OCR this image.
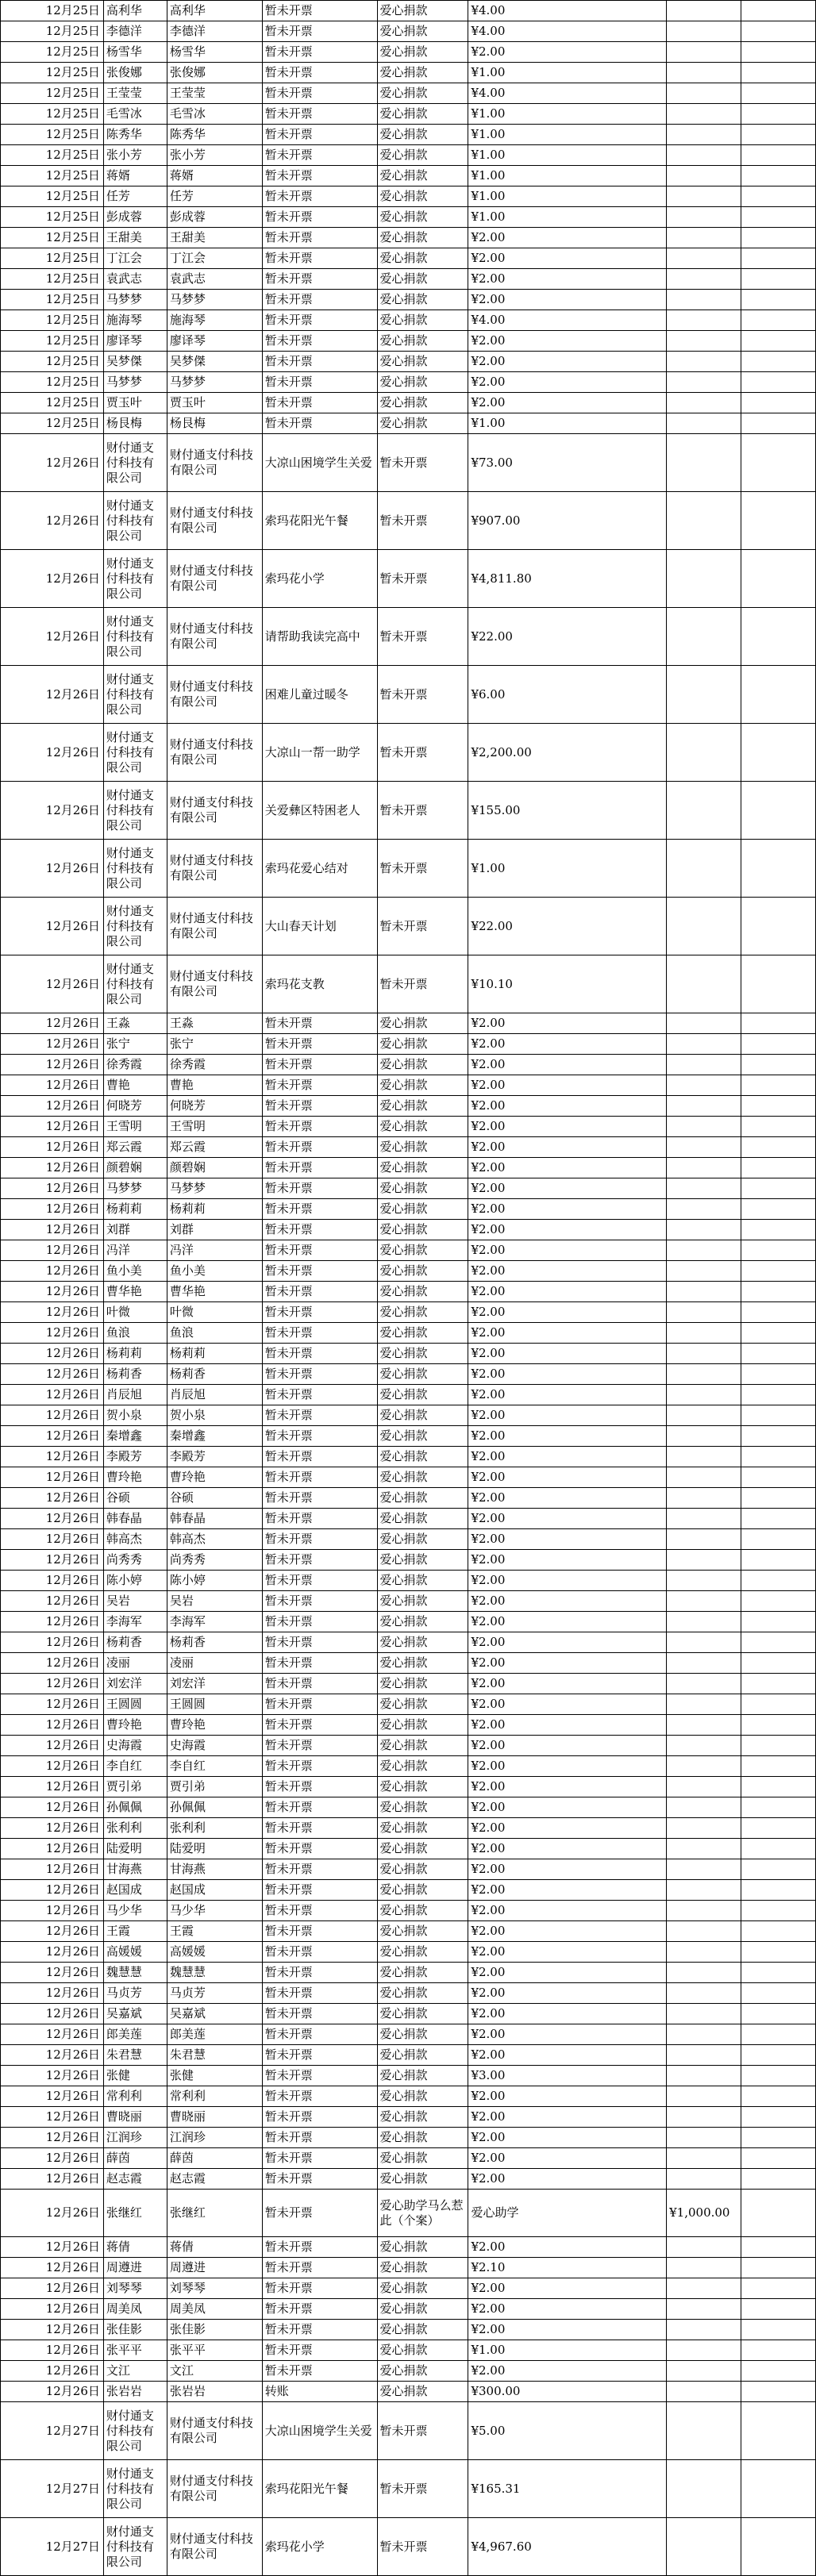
12月25日	高利华	高利华	暂未开票	爱心捐款	¥4.00		
12月25日	李德洋	李德洋	暂未开票	爱心捐款	¥4.00		
12月25日	杨雪华	杨雪华	暂未开票	爱心捐款	¥2.00		
12月25日	张俊娜	张俊娜	暂未开票	爱心捐款	¥1.00		
12月25日	王莹莹	王莹莹	暂未开票	爱心捐款	¥4.00		
12月25日	毛雪冰	毛雪冰	暂未开票	爱心捐款	¥1.00		
12月25日	陈秀华	陈秀华	暂未开票	爱心捐款	¥1.00		
12月25日	张小芳	张小芳	暂未开票	爱心捐款	¥1.00		
12月25日	蒋婿	蒋婿	暂未开票	爱心捐款	¥1.00		
12月25日	任芳	任芳	暂未开票	爱心捐款	¥1.00		
12月25日	彭成蓉	彭成蓉	暂未开票	爱心捐款	¥1.00		
12月25日	王甜美	王甜美	暂未开票	爱心捐款	¥2.00		
12月25日	丁江会	丁江会	暂未开票	爱心捐款	¥2.00		
12月25日	袁武志	袁武志	暂未开票	爱心捐款	¥2.00		
12月25日	马梦梦	马梦梦	暂未开票	爱心捐款	¥2.00		
12月25日	施海琴	施海琴	暂未开票	爱心捐款	¥4.00		
12月25日	廖译琴	廖译琴	暂未开票	爱心捐款	¥2.00		
12月25日	吴梦傑	吴梦傑	暂未开票	爱心捐款	¥2.00		
12月25日	马梦梦	马梦梦	暂未开票	爱心捐款	¥2.00		
12月25日	贾玉叶	贾玉叶	暂未开票	爱心捐款	¥2.00		
12月25日	杨艮梅	杨艮梅	暂未开票	爱心捐款	¥1.00		
12月26日	财付通支付科技有限公司	财付通支付科技有限公司	大凉山困境学生关爱	暂未开票	¥73.00		
12月26日	财付通支付科技有限公司	财付通支付科技有限公司	索玛花阳光午餐	暂未开票	¥907.00		
12月26日	财付通支付科技有限公司	财付通支付科技有限公司	索玛花小学	暂未开票	¥4,811.80		
12月26日	财付通支付科技有限公司	财付通支付科技有限公司	请帮助我读完高中	暂未开票	¥22.00		
12月26日	财付通支付科技有限公司	财付通支付科技有限公司	困难儿童过暖冬	暂未开票	¥6.00		
12月26日	财付通支付科技有限公司	财付通支付科技有限公司	大凉山一帮一助学	暂未开票	¥2,200.00		
12月26日	财付通支付科技有限公司	财付通支付科技有限公司	关爱彝区特困老人	暂未开票	¥155.00		
12月26日	财付通支付科技有限公司	财付通支付科技有限公司	索玛花爱心结对	暂未开票	¥1.00		
12月26日	财付通支付科技有限公司	财付通支付科技有限公司	大山春天计划	暂未开票	¥22.00		
12月26日	财付通支付科技有限公司	财付通支付科技有限公司	索玛花支教	暂未开票	¥10.10		
12月26日	王淼	王淼	暂未开票	爱心捐款	¥2.00		
12月26日	张宁	张宁	暂未开票	爱心捐款	¥2.00		
12月26日	徐秀霞	徐秀霞	暂未开票	爱心捐款	¥2.00		
12月26日	曹艳	曹艳	暂未开票	爱心捐款	¥2.00		
12月26日	何晓芳	何晓芳	暂未开票	爱心捐款	¥2.00		
12月26日	王雪明	王雪明	暂未开票	爱心捐款	¥2.00		
12月26日	郑云霞	郑云霞	暂未开票	爱心捐款	¥2.00		
12月26日	颜碧娴	颜碧娴	暂未开票	爱心捐款	¥2.00		
12月26日	马梦梦	马梦梦	暂未开票	爱心捐款	¥2.00		
12月26日	杨莉莉	杨莉莉	暂未开票	爱心捐款	¥2.00		
12月26日	刘群	刘群	暂未开票	爱心捐款	¥2.00		
12月26日	冯洋	冯洋	暂未开票	爱心捐款	¥2.00		
12月26日	鱼小美	鱼小美	暂未开票	爱心捐款	¥2.00		
12月26日	曹华艳	曹华艳	暂未开票	爱心捐款	¥2.00		
12月26日	叶微	叶微	暂未开票	爱心捐款	¥2.00		
12月26日	鱼浪	鱼浪	暂未开票	爱心捐款	¥2.00		
12月26日	杨莉莉	杨莉莉	暂未开票	爱心捐款	¥2.00		
12月26日	杨莉香	杨莉香	暂未开票	爱心捐款	¥2.00		
12月26日	肖辰旭	肖辰旭	暂未开票	爱心捐款	¥2.00		
12月26日	贺小泉	贺小泉	暂未开票	爱心捐款	¥2.00		
12月26日	秦增鑫	秦增鑫	暂未开票	爱心捐款	¥2.00		
12月26日	李殿芳	李殿芳	暂未开票	爱心捐款	¥2.00		
12月26日	曹玲艳	曹玲艳	暂未开票	爱心捐款	¥2.00		
12月26日	谷硕	谷硕	暂未开票	爱心捐款	¥2.00		
12月26日	韩春晶	韩春晶	暂未开票	爱心捐款	¥2.00		
12月26日	韩高杰	韩高杰	暂未开票	爱心捐款	¥2.00		
12月26日	尚秀秀	尚秀秀	暂未开票	爱心捐款	¥2.00		
12月26日	陈小婷	陈小婷	暂未开票	爱心捐款	¥2.00		
12月26日	吴岩	吴岩	暂未开票	爱心捐款	¥2.00		
12月26日	李海军	李海军	暂未开票	爱心捐款	¥2.00		
12月26日	杨莉香	杨莉香	暂未开票	爱心捐款	¥2.00		
12月26日	凌丽	凌丽	暂未开票	爱心捐款	¥2.00		
12月26日	刘宏洋	刘宏洋	暂未开票	爱心捐款	¥2.00		
12月26日	王圆圆	王圆圆	暂未开票	爱心捐款	¥2.00		
12月26日	曹玲艳	曹玲艳	暂未开票	爱心捐款	¥2.00		
12月26日	史海霞	史海霞	暂未开票	爱心捐款	¥2.00		
12月26日	李自红	李自红	暂未开票	爱心捐款	¥2.00		
12月26日	贾引弟	贾引弟	暂未开票	爱心捐款	¥2.00		
12月26日	孙佩佩	孙佩佩	暂未开票	爱心捐款	¥2.00		
12月26日	张利利	张利利	暂未开票	爱心捐款	¥2.00		
12月26日	陆爱明	陆爱明	暂未开票	爱心捐款	¥2.00		
12月26日	甘海燕	甘海燕	暂未开票	爱心捐款	¥2.00		
12月26日	赵国成	赵国成	暂未开票	爱心捐款	¥2.00		
12月26日	马少华	马少华	暂未开票	爱心捐款	¥2.00		
12月26日	王霞	王霞	暂未开票	爱心捐款	¥2.00		
12月26日	高媛媛	高媛媛	暂未开票	爱心捐款	¥2.00		
12月26日	魏慧慧	魏慧慧	暂未开票	爱心捐款	¥2.00		
12月26日	马贞芳	马贞芳	暂未开票	爱心捐款	¥2.00		
12月26日	吴嘉斌	吴嘉斌	暂未开票	爱心捐款	¥2.00		
12月26日	郎美莲	郎美莲	暂未开票	爱心捐款	¥2.00		
12月26日	朱君慧	朱君慧	暂未开票	爱心捐款	¥2.00		
12月26日	张健	张健	暂未开票	爱心捐款	¥3.00		
12月26日	常利利	常利利	暂未开票	爱心捐款	¥2.00		
12月26日	曹晓丽	曹晓丽	暂未开票	爱心捐款	¥2.00		
12月26日	江润珍	江润珍	暂未开票	爱心捐款	¥2.00		
12月26日	薛茵	薛茵	暂未开票	爱心捐款	¥2.00		
12月26日	赵志霞	赵志霞	暂未开票	爱心捐款	¥2.00		
12月26日	张继红	张继红	暂未开票	爱心助学马么惹此（个案）	爱心助学	¥1,000.00	
12月26日	蒋倩	蒋倩	暂未开票	爱心捐款	¥2.00		
12月26日	周遵进	周遵进	暂未开票	爱心捐款	¥2.10		
12月26日	刘琴琴	刘琴琴	暂未开票	爱心捐款	¥2.00		
12月26日	周美凤	周美凤	暂未开票	爱心捐款	¥2.00		
12月26日	张佳影	张佳影	暂未开票	爱心捐款	¥2.00		
12月26日	张平平	张平平	暂未开票	爱心捐款	¥1.00		
12月26日	文江	文江	暂未开票	爱心捐款	¥2.00		
12月26日	张岩岩	张岩岩	转账	爱心捐款	¥300.00		
12月27日	财付通支付科技有限公司	财付通支付科技有限公司	大凉山困境学生关爱	暂未开票	¥5.00		
12月27日	财付通支付科技有限公司	财付通支付科技有限公司	索玛花阳光午餐	暂未开票	¥165.31		
12月27日	财付通支付科技有限公司	财付通支付科技有限公司	索玛花小学	暂未开票	¥4,967.60		
